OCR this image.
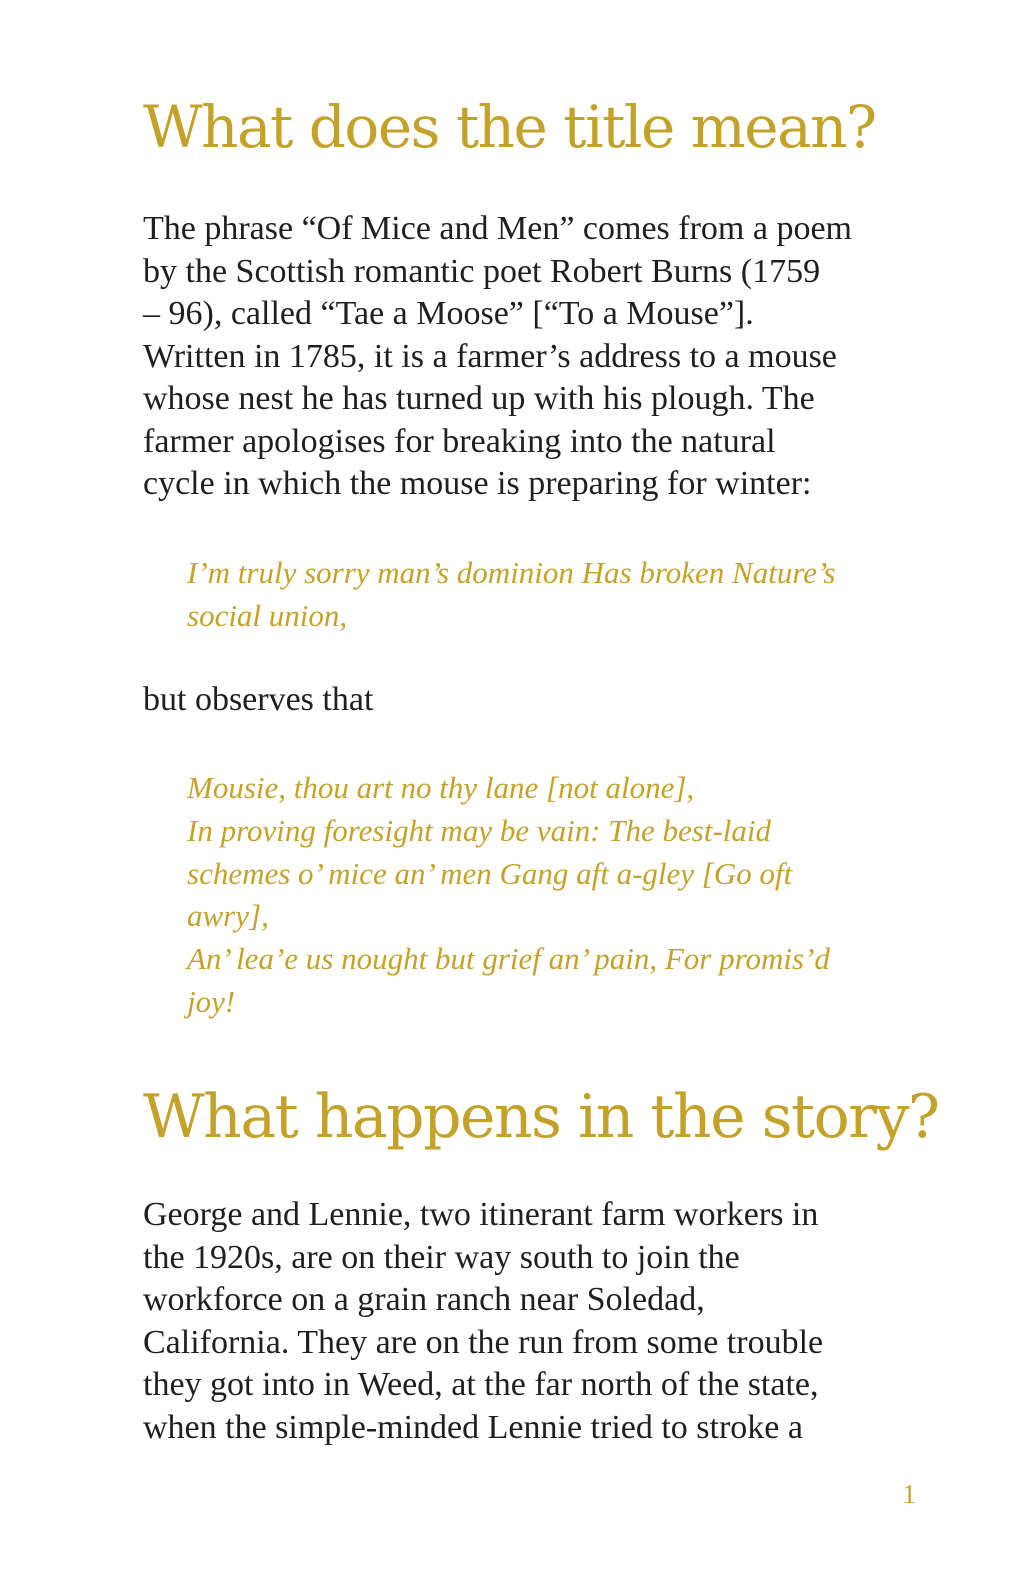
What does the title mean?

The phrase “Of Mice and Men” comes from a poem
by the Scottish romantic poet Robert Burns (1759
– 96), called “Tae a Moose” [“To a Mouse”].
Written in 1785, it is a farmer’s address to a mouse
whose nest he has turned up with his plough. The
farmer apologises for breaking into the natural
cycle in which the mouse is preparing for winter:

I’m truly sorry man’s dominion Has broken Nature’s
social union,

but observes that

Mousie, thou art no thy lane [not alone],
In proving foresight may be vain: The best-laid
schemes o’ mice an’ men Gang aft a-gley [Go oft
awry],
An’ lea’e us nought but grief an’ pain, For promis’d
joy!

What happens in the story?

George and Lennie, two itinerant farm workers in
the 1920s, are on their way south to join the
workforce on a grain ranch near Soledad,
California. They are on the run from some trouble
they got into in Weed, at the far north of the state,
when the simple-minded Lennie tried to stroke a

1
